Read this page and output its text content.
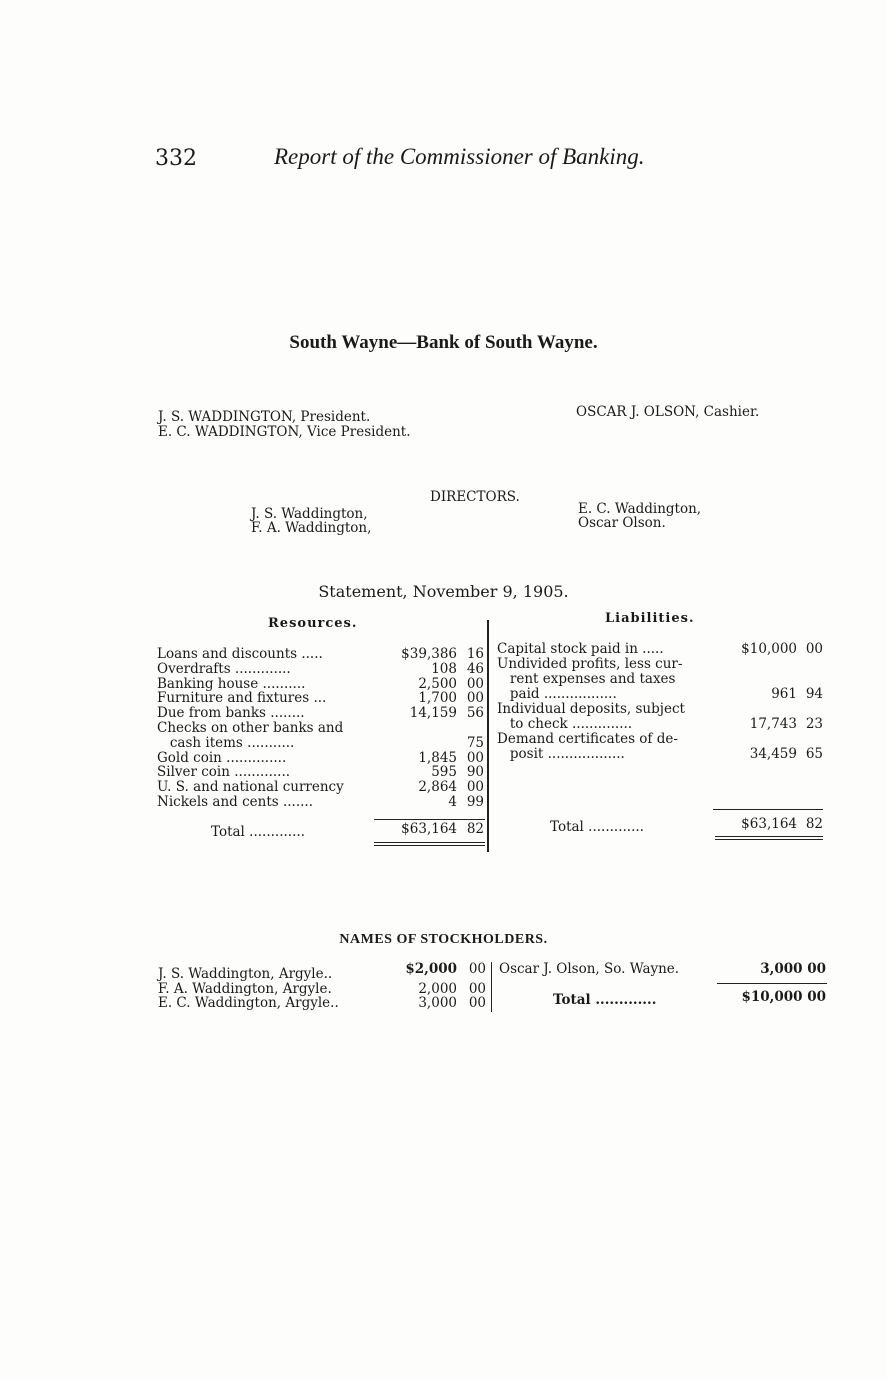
332	Report of the Commissioner of Banking.
South Wayne—Bank of South Wayne.
J. S. WADDINGTON, President.
E. C. WADDINGTON, Vice President.
OSCAR J. OLSON, Cashier.
DIRECTORS.
J. S. Waddington,
F. A. Waddington,
E. C. Waddington,
Oscar Olson.
Statement, November 9, 1905.
Resources.	Liabilities.
Loans and discounts .....	$39,386 16
Overdrafts .............	108 46
Banking house ..........	2,500 00
Furniture and fixtures ...	1,700 00
Due from banks ........	14,159 56
Checks on other banks and
cash items ...........	75
Gold coin ..............	1,845 00
Silver coin .............	595 90
U. S. and national currency	2,864 00
Nickels and cents .......	4 99
Total .............	$63,164 82
Capital stock paid in .....	$10,000 00
Undivided profits, less cur-
rent expenses and taxes
paid .................	961 94
Individual deposits, subject
to check ..............	17,743 23
Demand certificates of de-
posit ..................	34,459 65
Total .............	$63,164 82
NAMES OF STOCKHOLDERS.
J. S. Waddington, Argyle..	$2,000 00
F. A. Waddington, Argyle.	2,000 00
E. C. Waddington, Argyle..	3,000 00
Oscar J. Olson, So. Wayne.	3,000 00
Total .............	$10,000 00
